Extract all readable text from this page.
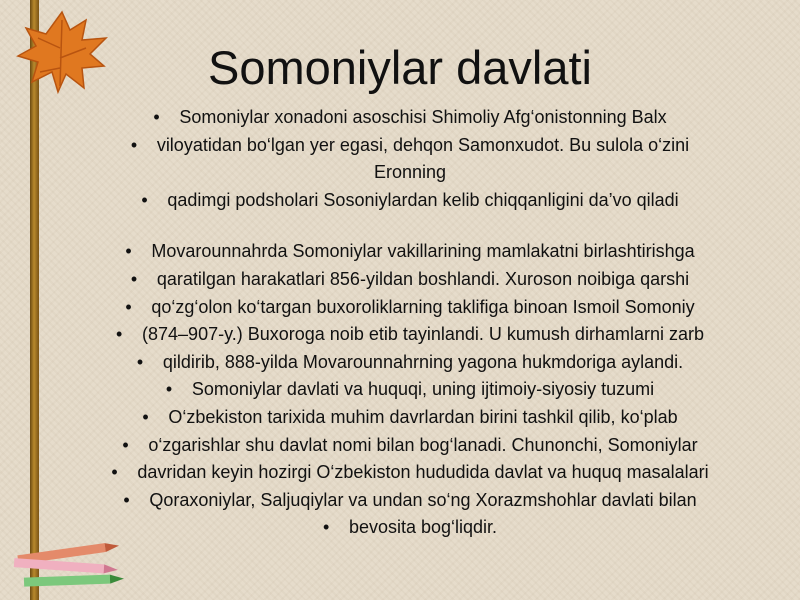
Somoniylar davlati
• Somoniylar xonadoni asoschisi Shimoliy Afg‘onistonning Balx
• viloyatidan bo‘lgan yer egasi, dehqon Samonxudot. Bu sulola o‘zini
Eronning
• qadimgi podsholari Sosoniylardan kelib chiqqanligini da’vo qiladi
• Movarounnahrda Somoniylar vakillarining mamlakatni birlashtirishga
• qaratilgan harakatlari 856-yildan boshlandi. Xuroson noibiga qarshi
• qo‘zg‘olon ko‘targan buxoroliklarning taklifiga binoan Ismoil Somoniy
• (874–907-y.) Buxoroga noib etib tayinlandi. U kumush dirhamlarni zarb
• qildirib, 888-yilda Movarounnahrning yagona hukmdoriga aylandi.
• Somoniylar davlati va huquqi, uning ijtimoiy-siyosiy tuzumi
• O‘zbekiston tarixida muhim davrlardan birini tashkil qilib, ko‘plab
• o‘zgarishlar shu davlat nomi bilan bog‘lanadi. Chunonchi, Somoniylar
• davridan keyin hozirgi O‘zbekiston hududida davlat va huquq masalalari
• Qoraxoniylar, Saljuqiylar va undan so‘ng Xorazmshohlar davlati bilan
• bevosita bog‘liqdir.
